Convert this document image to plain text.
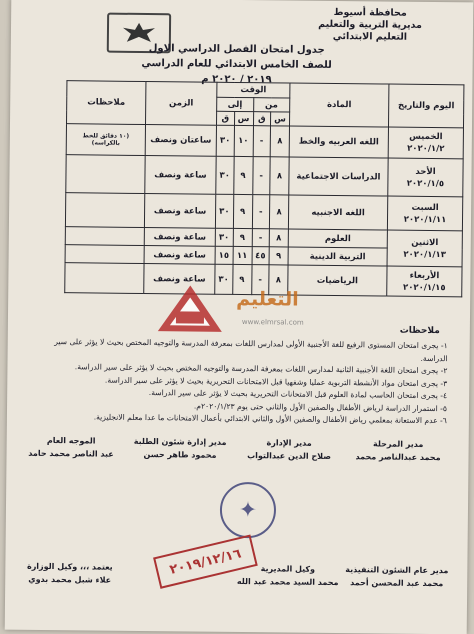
محافظة أسيوط
مديرية التربية والتعليم
التعليم الابتدائي
جدول امتحان الفصل الدراسي الاول
للصف الخامس الابتدائي للعام الدراسي ٢٠١٩ / ٢٠٢٠ م
اليوم والتاريخ	المادة	الوقت				الزمن	ملاحظات
		من		إلى			
		س	ق	س	ق		

الخميس
٢٠٢٠/١/٢	اللغه العربيه والخط	٨	-	١٠	٣٠	ساعتان ونصف	(١٠ دقائق للخط بالكراسه)

الأحد
٢٠٢٠/١/٥	الدراسات الاجتماعية	٨	-	٩	٣٠	ساعة ونصف	

السبت
٢٠٢٠/١/١١	اللغه الاجنبيه	٨	-	٩	٣٠	ساعة ونصف	

الاثنين
٢٠٢٠/١/١٣	العلوم	٨	-	٩	٣٠	ساعة ونصف	
	التربية الدينية	٩	٤٥	١١	١٥	ساعة ونصف	

الأربعاء
٢٠٢٠/١/١٥	الرياضيات	٨	-	٩	٣٠	ساعة ونصف	
التعليم
www.elmrsal.com
ملاحظات
١- يجرى امتحان المستوى الرفيع للغة الأجنبية الأولى لمدارس اللغات بمعرفة المدرسة والتوجيه المختص بحيث لا يؤثر على سير الدراسة.
٢- يجرى امتحان اللغة الأجنبية الثانية لمدارس اللغات بمعرفة المدرسة والتوجيه المختص بحيث لا يؤثر على سير الدراسة.
٣- يجرى امتحان مواد الأنشطة التربوية عمليا وشفهيا قبل الامتحانات التحريرية بحيث لا يؤثر على سير الدراسة.
٤- يجرى امتحان الحاسب لمادة العلوم قبل الامتحانات التحريرية بحيث لا يؤثر على سير الدراسة.
٥- استمرار الدراسة لرياض الأطفال والصفين الأول والثاني حتى يوم ٢٠٢٠/١/٢٣م.
٦- عدم الاستعانة بمعلمي رياض الأطفال والصفين الأول والثاني الابتدائي بأعمال الامتحانات ما عدا معلم الانجليزية.
مدير المرحلة
محمد عبدالناصر محمد
مدير الإدارة
صلاح الدين عبدالتواب
مدير إدارة شئون الطلبة
محمود طاهر حسن
الموجه العام
عبد الناصر محمد حامد
✦
مدير عام الشئون التنفيذية
محمد عبد المحسن أحمد
وكيل المديرية
محمد السيد محمد عبد الله
يعتمد ،،، وكيل الوزارة
علاء شبل محمد بدوي
٢٠١٩/١٢/١٦
